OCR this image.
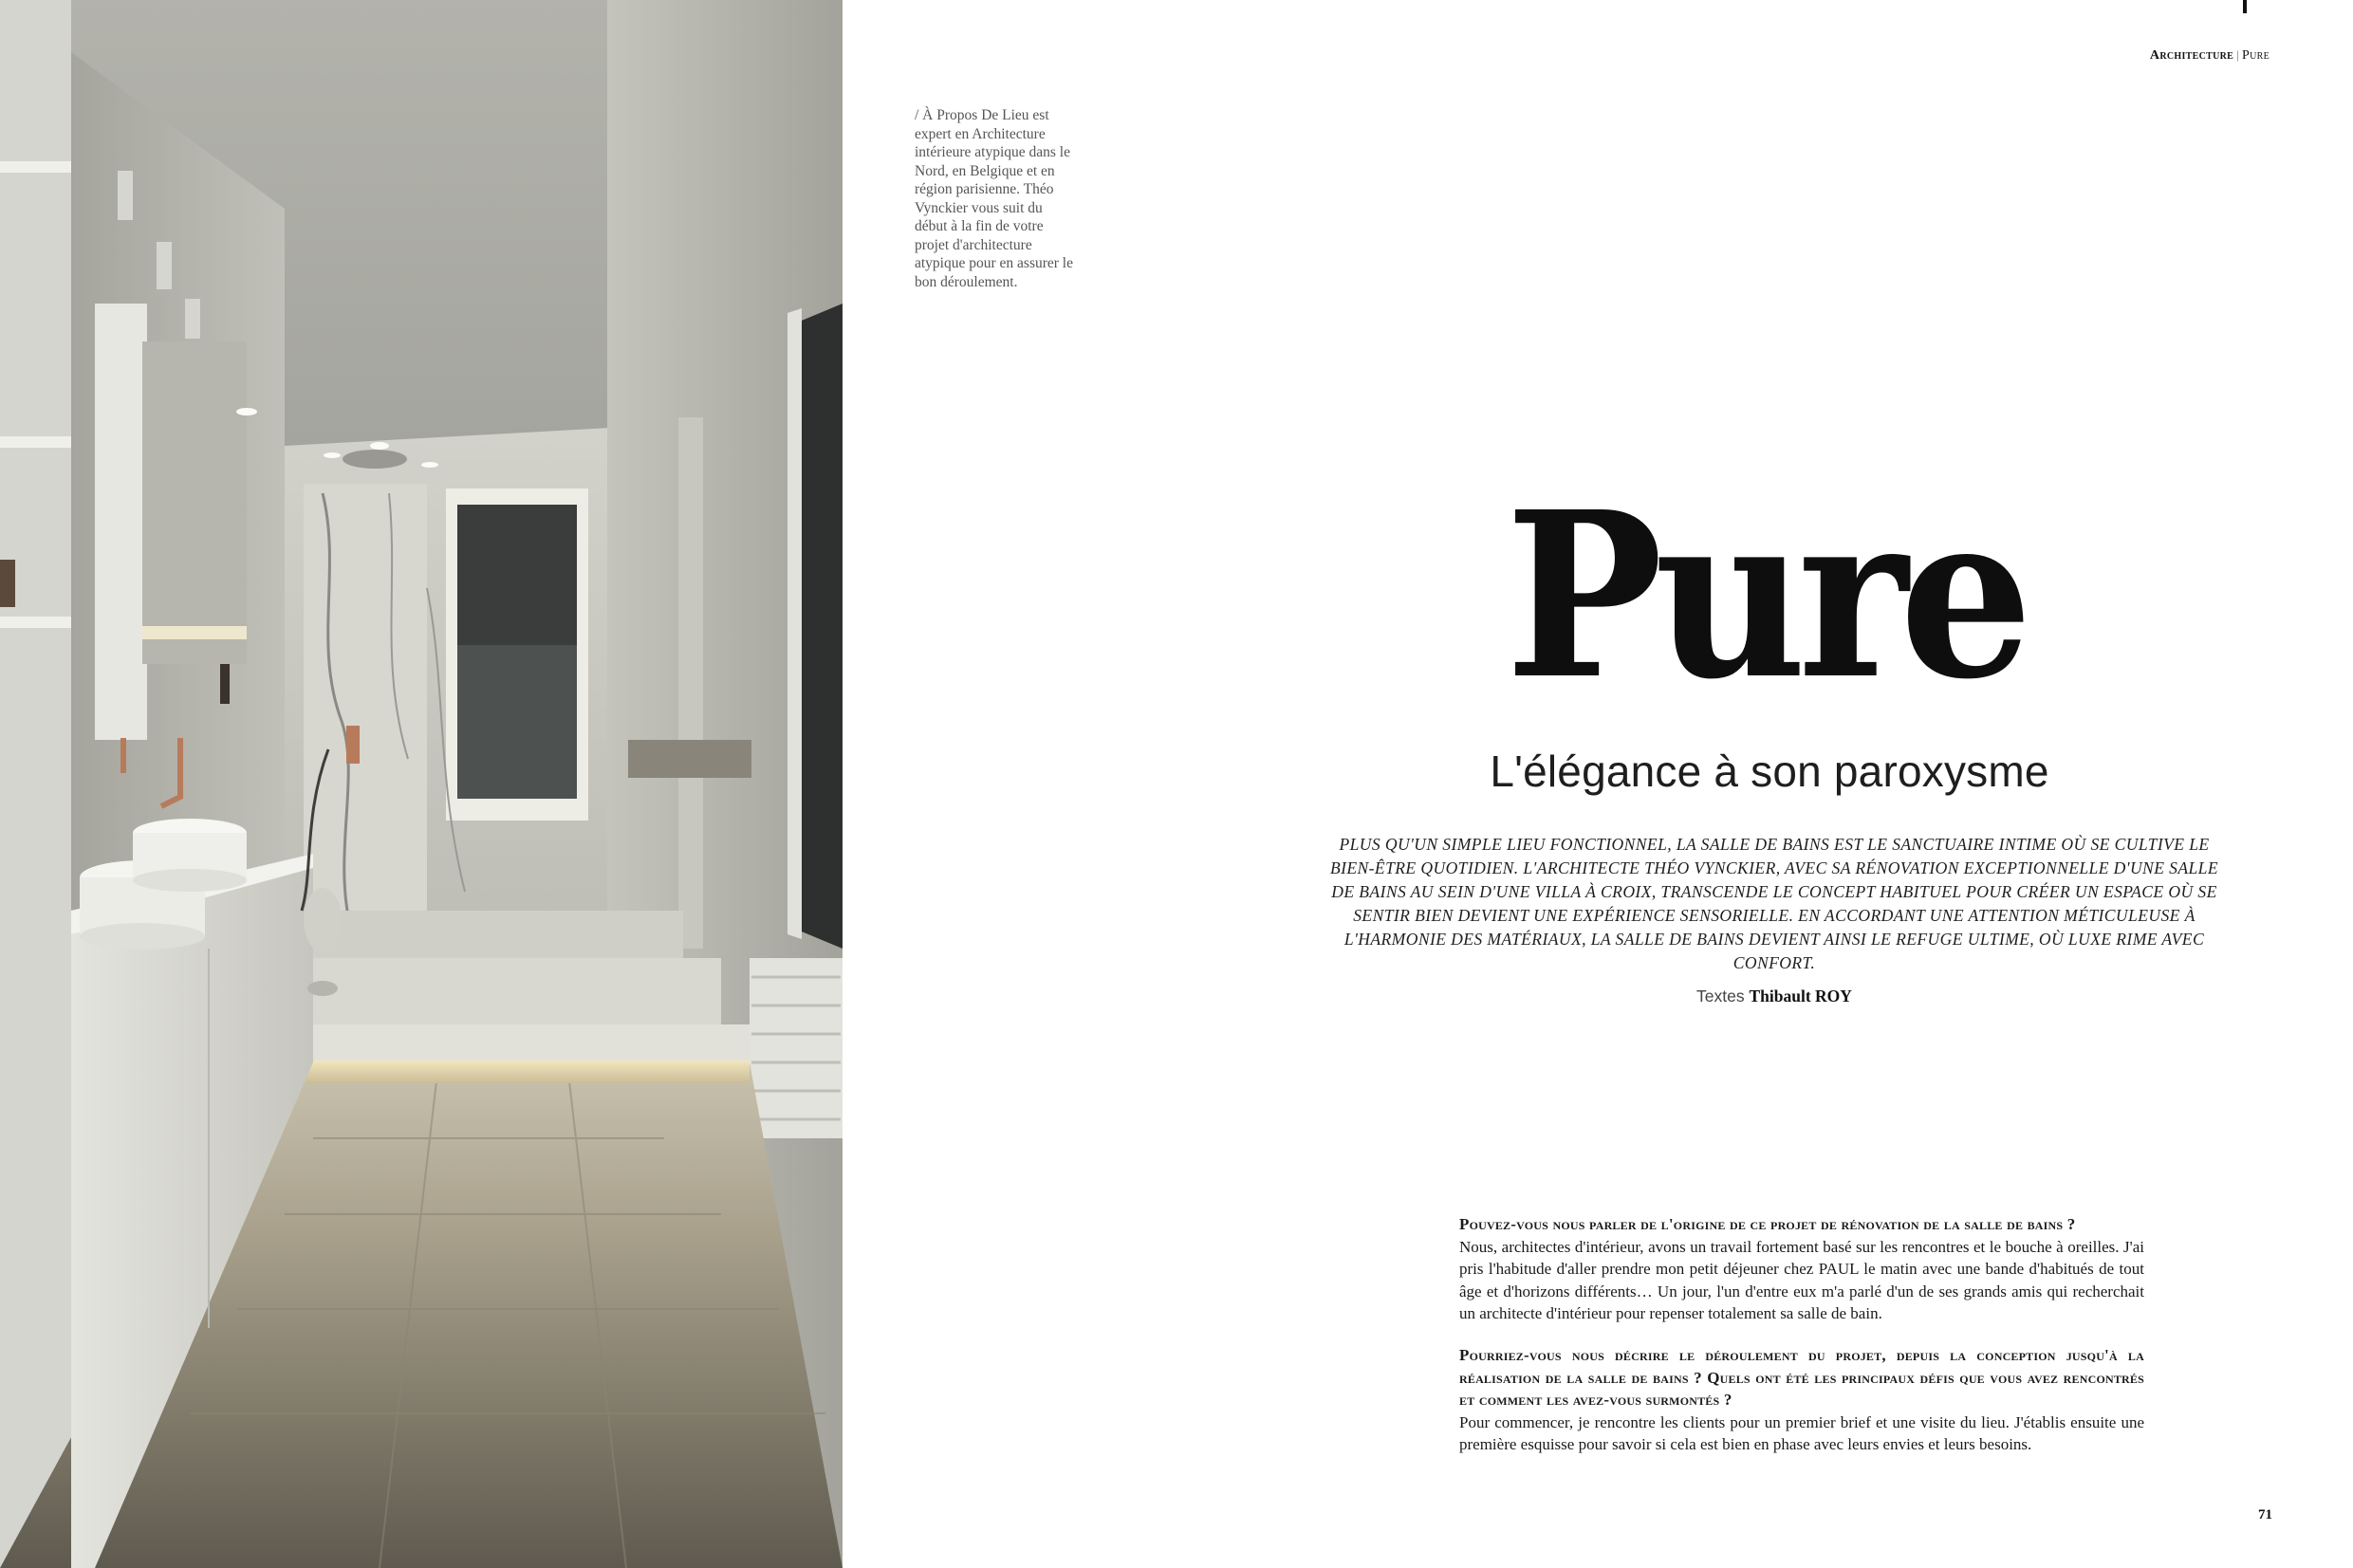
Architecture | Pure
/ À Propos De Lieu est expert en Architecture intérieure atypique dans le Nord, en Belgique et en région parisienne. Théo Vynckier vous suit du début à la fin de votre projet d'architecture atypique pour en assurer le bon déroulement.
Pure
L'élégance à son paroxysme
PLUS QU'UN SIMPLE LIEU FONCTIONNEL, LA SALLE DE BAINS EST LE SANCTUAIRE INTIME OÙ SE CULTIVE LE BIEN-ÊTRE QUOTIDIEN. L'ARCHITECTE THÉO VYNCKIER, AVEC SA RÉNOVATION EXCEPTIONNELLE D'UNE SALLE DE BAINS AU SEIN D'UNE VILLA À CROIX, TRANSCENDE LE CONCEPT HABITUEL POUR CRÉER UN ESPACE OÙ SE SENTIR BIEN DEVIENT UNE EXPÉRIENCE SENSORIELLE. EN ACCORDANT UNE ATTENTION MÉTICULEUSE À L'HARMONIE DES MATÉRIAUX, LA SALLE DE BAINS DEVIENT AINSI LE REFUGE ULTIME, OÙ LUXE RIME AVEC CONFORT.
Textes Thibault ROY
Pouvez-vous nous parler de l'origine de ce projet de rénovation de la salle de bains ?
Nous, architectes d'intérieur, avons un travail fortement basé sur les rencontres et le bouche à oreilles. J'ai pris l'habitude d'aller prendre mon petit déjeuner chez PAUL le matin avec une bande d'habitués de tout âge et d'horizons différents… Un jour, l'un d'entre eux m'a parlé d'un de ses grands amis qui recherchait un architecte d'intérieur pour repenser totalement sa salle de bain.
Pourriez-vous nous décrire le déroulement du projet, depuis la conception jusqu'à la réalisation de la salle de bains ? Quels ont été les principaux défis que vous avez rencontrés et comment les avez-vous surmontés ?
Pour commencer, je rencontre les clients pour un premier brief et une visite du lieu. J'établis ensuite une première esquisse pour savoir si cela est bien en phase avec leurs envies et leurs besoins.
71
